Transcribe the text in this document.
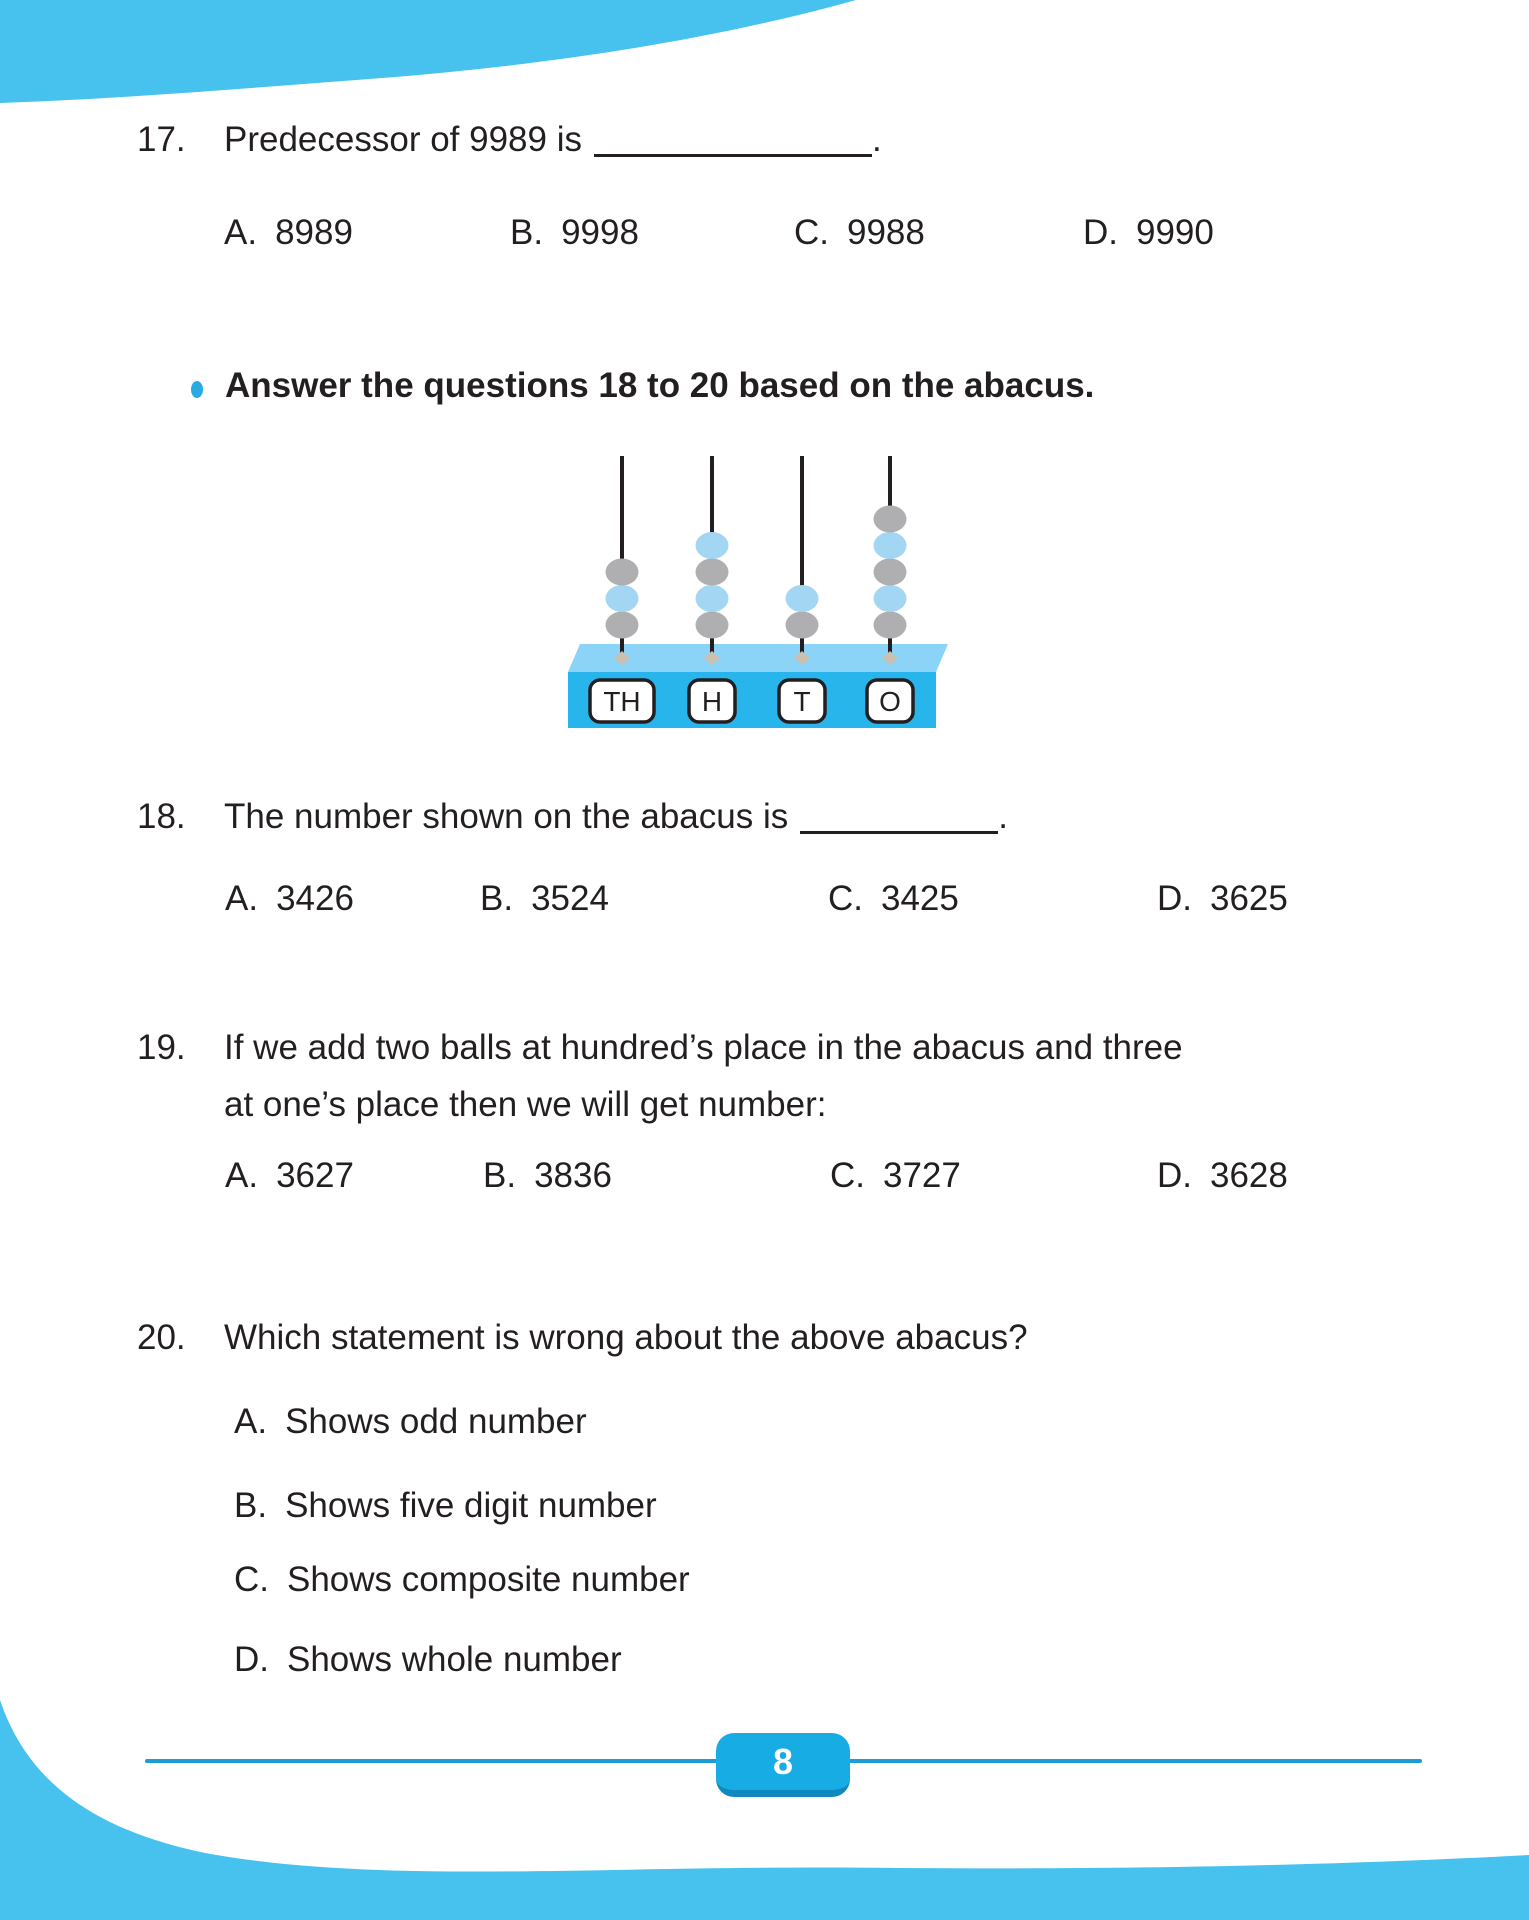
17. Predecessor of 9989 is	.
A. 8989	B. 9998	C. 9988	D. 9990
Answer the questions 18 to 20 based on the abacus.
TH H	T O
18. The number shown on the abacus is	.
A. 3426	B. 3524	C. 3425	D. 3625
19. If we add two balls at hundred’s place in the abacus and three
at one’s place then we will get number:
A. 3627	B. 3836	C. 3727	D. 3628
20. Which statement is wrong about the above abacus?
A. Shows odd number
B. Shows five digit number
C. Shows composite number
D. Shows whole number
8
